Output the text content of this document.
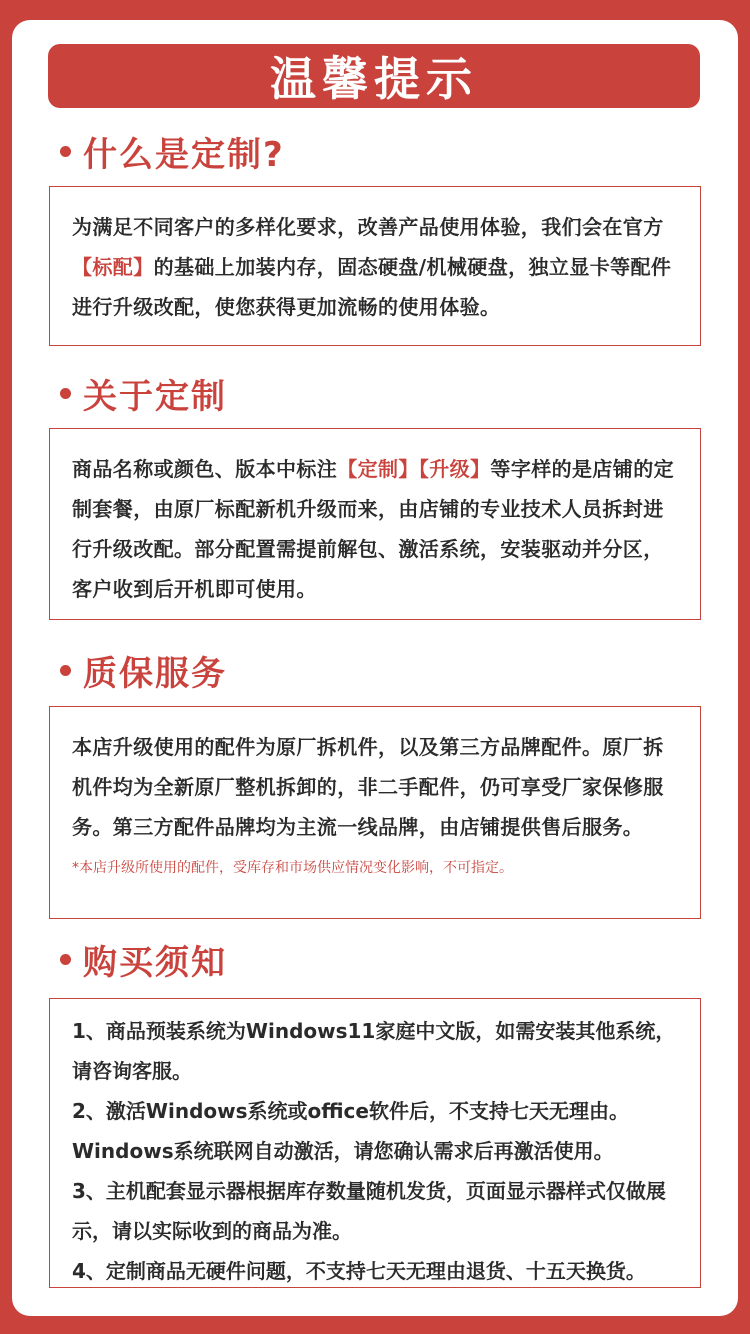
温馨提示
什么是定制?

为满足不同客户的多样化要求，改善产品使用体验，我们会在官方【标配】的基础上加装内存，固态硬盘/机械硬盘，独立显卡等配件进行升级改配，使您获得更加流畅的使用体验。

关于定制

商品名称或颜色、版本中标注【定制】【升级】等字样的是店铺的定制套餐，由原厂标配新机升级而来，由店铺的专业技术人员拆封进行升级改配。部分配置需提前解包、激活系统，安装驱动并分区，客户收到后开机即可使用。

质保服务

本店升级使用的配件为原厂拆机件，以及第三方品牌配件。原厂拆机件均为全新原厂整机拆卸的，非二手配件，仍可享受厂家保修服务。第三方配件品牌均为主流一线品牌，由店铺提供售后服务。

*本店升级所使用的配件，受库存和市场供应情况变化影响，不可指定。

购买须知

1、商品预装系统为Windows11家庭中文版，如需安装其他系统，请咨询客服。

2、激活Windows系统或office软件后，不支持七天无理由。Windows系统联网自动激活，请您确认需求后再激活使用。

3、主机配套显示器根据库存数量随机发货，页面显示器样式仅做展示，请以实际收到的商品为准。

4、定制商品无硬件问题，不支持七天无理由退货、十五天换货。
